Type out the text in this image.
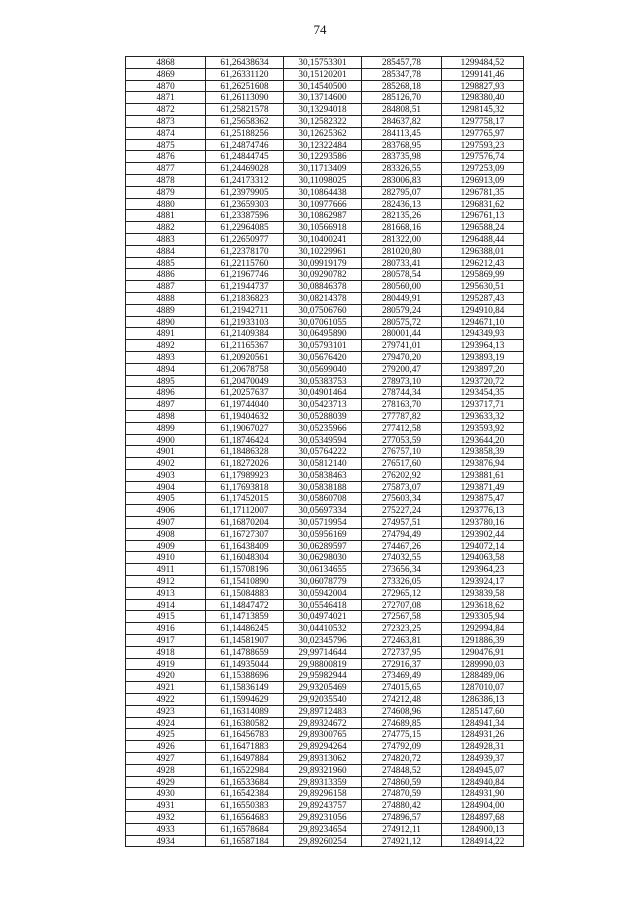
74
4868	61,26438634	30,15753301	285457,78	1299484,52
4869	61,26331120	30,15120201	285347,78	1299141,46
4870	61,26251608	30,14540500	285268,18	1298827,93
4871	61,26113090	30,13714600	285126,70	1298380,40
4872	61,25821578	30,13294018	284808,51	1298145,32
4873	61,25658362	30,12582322	284637,82	1297758,17
4874	61,25188256	30,12625362	284113,45	1297765,97
4875	61,24874746	30,12322484	283768,95	1297593,23
4876	61,24844745	30,12293586	283735,98	1297576,74
4877	61,24469028	30,11713409	283326,55	1297253,09
4878	61,24173312	30,11098025	283006,83	1296913,09
4879	61,23979905	30,10864438	282795,07	1296781,35
4880	61,23659303	30,10977666	282436,13	1296831,62
4881	61,23387596	30,10862987	282135,26	1296761,13
4882	61,22964085	30,10566918	281668,16	1296588,24
4883	61,22650977	30,10400241	281322,00	1296488,44
4884	61,22378170	30,10229961	281020,80	1296388,01
4885	61,22115760	30,09919179	280733,41	1296212,43
4886	61,21967746	30,09290782	280578,54	1295869,99
4887	61,21944737	30,08846378	280560,00	1295630,51
4888	61,21836823	30,08214378	280449,91	1295287,43
4889	61,21942711	30,07506760	280579,24	1294910,84
4890	61,21933103	30,07061055	280575,72	1294671,10
4891	61,21409384	30,06495890	280001,44	1294349,93
4892	61,21165367	30,05793101	279741,01	1293964,13
4893	61,20920561	30,05676420	279470,20	1293893,19
4894	61,20678758	30,05699040	279200,47	1293897,20
4895	61,20470049	30,05383753	278973,10	1293720,72
4896	61,20257637	30,04901464	278744,34	1293454,35
4897	61,19744040	30,05423713	278163,70	1293717,71
4898	61,19404632	30,05288039	277787,82	1293633,32
4899	61,19067027	30,05235966	277412,58	1293593,92
4900	61,18746424	30,05349594	277053,59	1293644,20
4901	61,18486328	30,05764222	276757,10	1293858,39
4902	61,18272026	30,05812140	276517,60	1293876,94
4903	61,17989923	30,05838463	276202,92	1293881,61
4904	61,17693818	30,05838188	275873,07	1293871,49
4905	61,17452015	30,05860708	275603,34	1293875,47
4906	61,17112007	30,05697334	275227,24	1293776,13
4907	61,16870204	30,05719954	274957,51	1293780,16
4908	61,16727307	30,05956169	274794,49	1293902,44
4909	61,16438409	30,06289597	274467,26	1294072,14
4910	61,16048304	30,06298030	274032,55	1294063,58
4911	61,15708196	30,06134655	273656,34	1293964,23
4912	61,15410890	30,06078779	273326,05	1293924,17
4913	61,15084883	30,05942004	272965,12	1293839,58
4914	61,14847472	30,05546418	272707,08	1293618,62
4915	61,14713859	30,04974021	272567,58	1293305,94
4916	61,14486245	30,04410532	272323,25	1292994,84
4917	61,14581907	30,02345796	272463,81	1291886,39
4918	61,14788659	29,99714644	272737,95	1290476,91
4919	61,14935044	29,98800819	272916,37	1289990,03
4920	61,15388696	29,95982944	273469,49	1288489,06
4921	61,15836149	29,93205469	274015,65	1287010,07
4922	61,15994629	29,92035540	274212,48	1286386,13
4923	61,16314089	29,89712483	274608,96	1285147,60
4924	61,16380582	29,89324672	274689,85	1284941,34
4925	61,16456783	29,89300765	274775,15	1284931,26
4926	61,16471883	29,89294264	274792,09	1284928,31
4927	61,16497884	29,89313062	274820,72	1284939,37
4928	61,16522984	29,89321960	274848,52	1284945,07
4929	61,16533684	29,89313359	274860,59	1284940,84
4930	61,16542384	29,89296158	274870,59	1284931,90
4931	61,16550383	29,89243757	274880,42	1284904,00
4932	61,16564683	29,89231056	274896,57	1284897,68
4933	61,16578684	29,89234654	274912,11	1284900,13
4934	61,16587184	29,89260254	274921,12	1284914,22
